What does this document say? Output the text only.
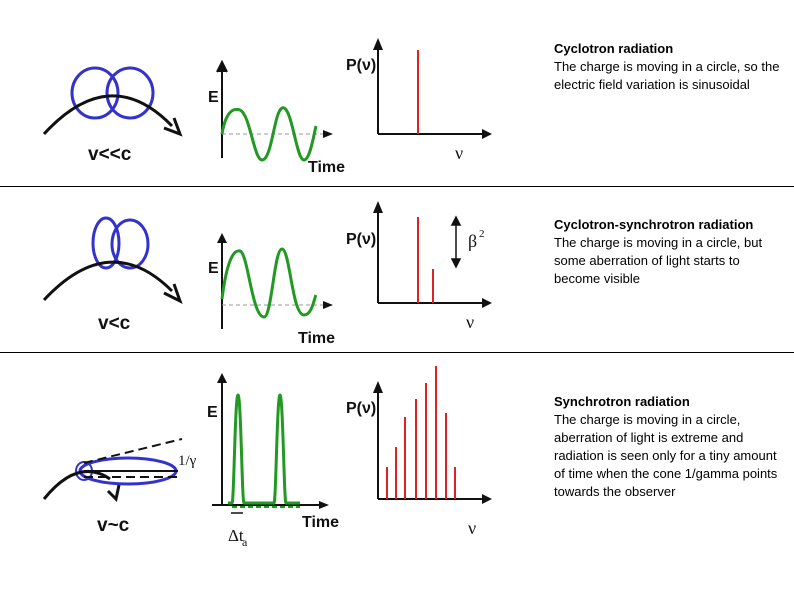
v<<c
E
Time
P(ν)
ν
Cyclotron radiation
The charge is moving in a circle, so the electric field variation is sinusoidal
v<c
E
Time
P(ν)
ν
β 2
Cyclotron-synchrotron radiation
The charge is moving in a circle, but some aberration of light starts to become visible
1/γ
v~c
E
Time
Δt
a
P(ν)
ν
Synchrotron radiation
The charge is moving in a circle, aberration of light is extreme and radiation is seen only for a tiny amount of time when the cone 1/gamma points towards the observer
